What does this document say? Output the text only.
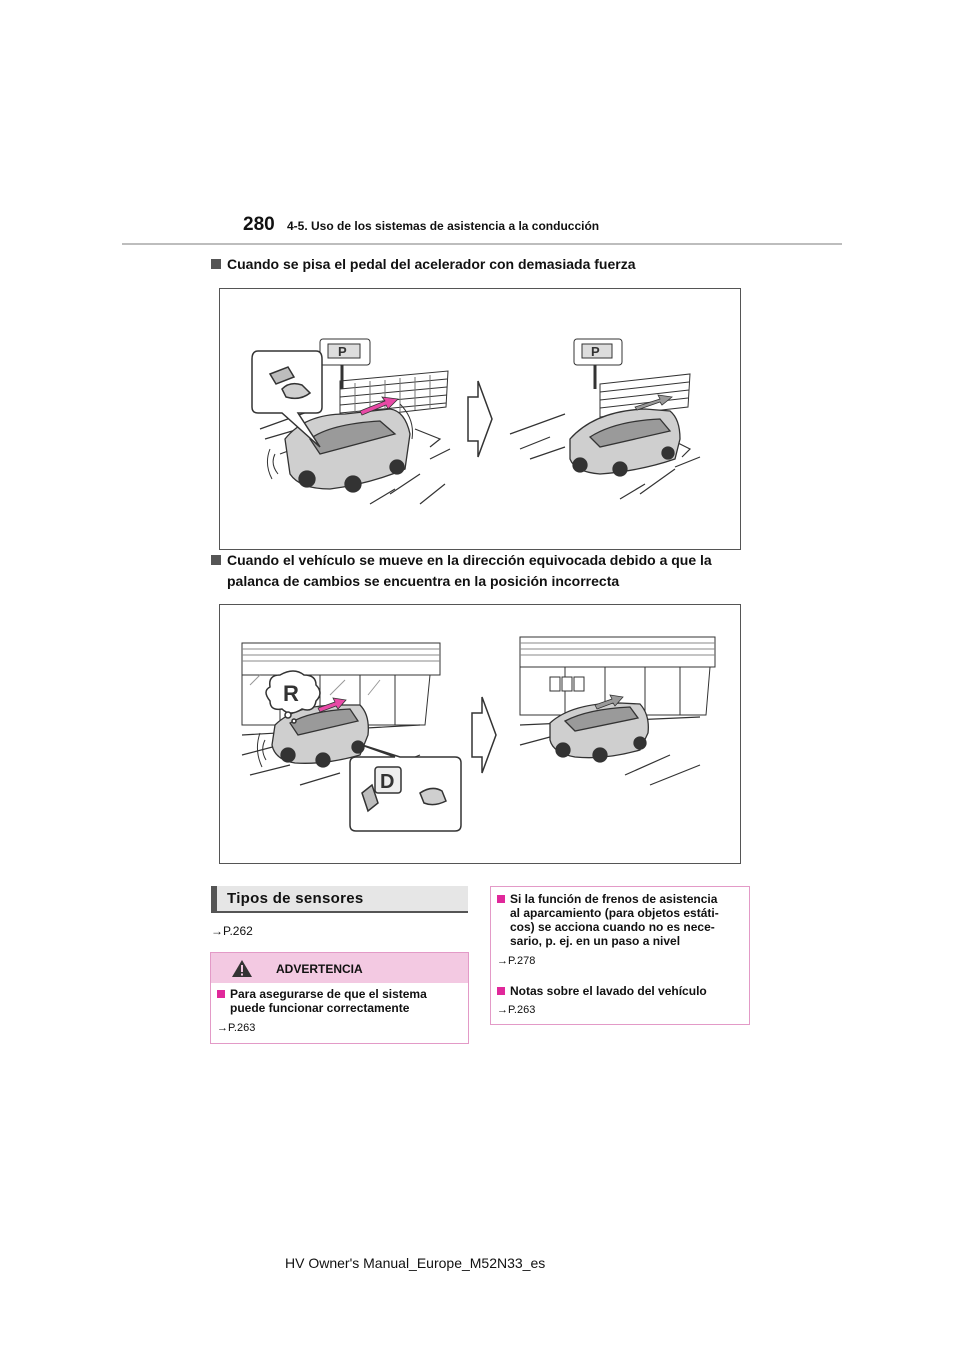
280 4-5. Uso de los sistemas de asistencia a la conducción
Cuando se pisa el pedal del acelerador con demasiada fuerza
P	P
Cuando el vehículo se mueve en la dirección equivocada debido a que la
palanca de cambios se encuentra en la posición incorrecta
R
D
Tipos de sensores
→P.262
ADVERTENCIA
Para asegurarse de que el sistema
puede funcionar correctamente
→P.263
Si la función de frenos de asistencia
al aparcamiento (para objetos estáti-
cos) se acciona cuando no es nece-
sario, p. ej. en un paso a nivel
→P.278
Notas sobre el lavado del vehículo
→P.263
HV Owner's Manual_Europe_M52N33_es
